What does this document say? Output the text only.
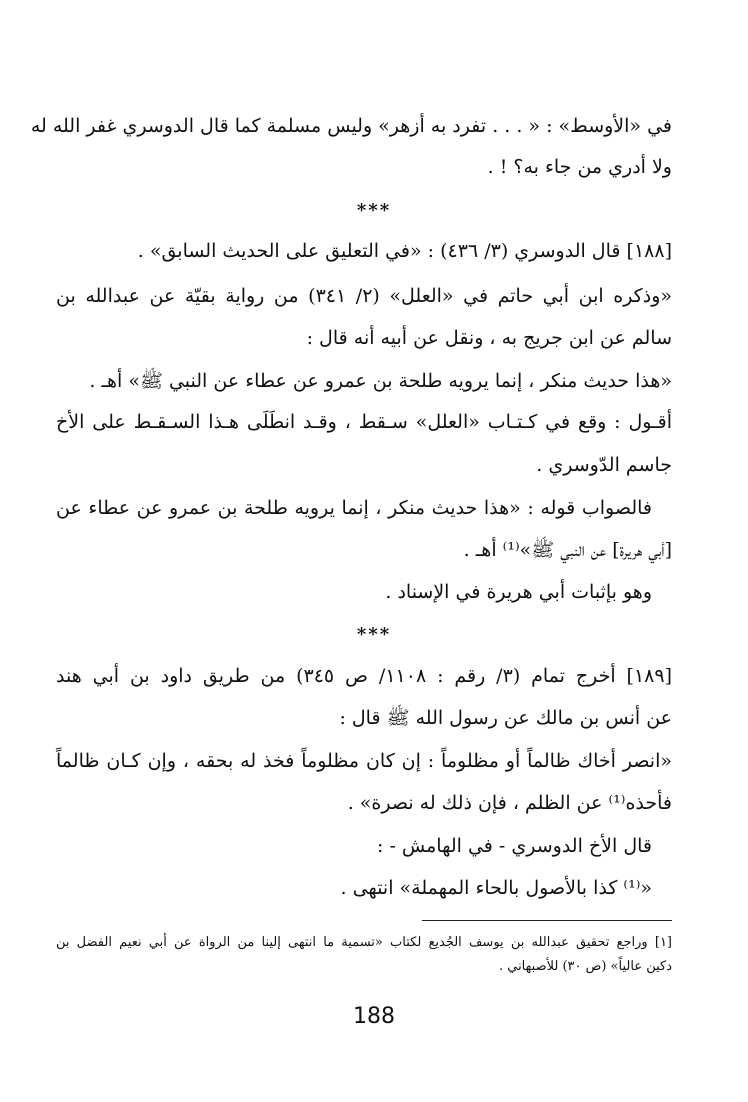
في «الأوسط» : « . . . تفرد به أزهر» وليس مسلمة كما قال الدوسري غفر الله له
ولا أدري من جاء به؟ ! .
***
[١٨٨] قال الدوسري (٣/ ٤٣٦) : «في التعليق على الحديث السابق» .
«وذكره ابن أبي حاتم في «العلل» (٢/ ٣٤١) من رواية بقيّة عن عبدالله بن
سالم عن ابن جريج به ، ونقل عن أبيه أنه قال :
«هذا حديث منكر ، إنما يرويه طلحة بن عمرو عن عطاء عن النبي ﷺ» أهـ .
أقـول : وقع في كـتـاب «العلل» سـقط ، وقـد انطَلَى هـذا السـقـط على الأخ
جاسم الدّوسري .
فالصواب قوله : «هذا حديث منكر ، إنما يرويه طلحة بن عمرو عن عطاء عن
[أبي هريرة] عن النبي ﷺ»⁽¹⁾ أهـ .
وهو بإثبات أبي هريرة في الإسناد .
***
[١٨٩] أخرج تمام (٣/ رقم : ١١٠٨/ ص ٣٤٥) من طريق داود بن أبي هند
عن أنس بن مالك عن رسول الله ﷺ قال :
«انصر أخاك ظالماً أو مظلوماً : إن كان مظلوماً فخذ له بحقه ، وإن كـان ظالماً
فأحذه⁽¹⁾ عن الظلم ، فإن ذلك له نصرة» .
قال الأخ الدوسري - في الهامش - :
«⁽¹⁾ كذا بالأصول بالحاء المهملة» انتهى .
[١] وراجع تحقيق عبدالله بن يوسف الجُديع لكتاب «تسمية ما انتهى إلينا من الرواة عن أبي نعيم الفضل بن
دكين عالياً» (ص ٣٠) للأصبهاني .
188
